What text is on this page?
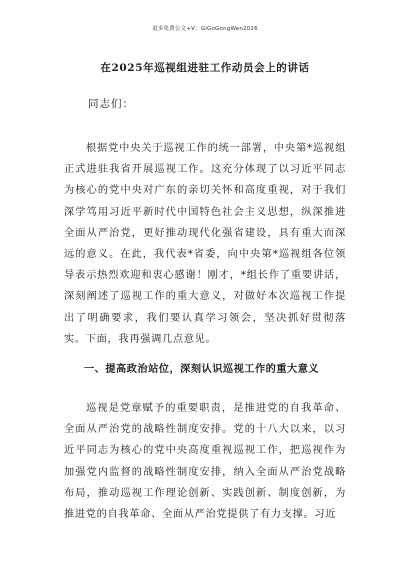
更多免费公文+V：GiGoGongWen2026
在2025年巡视组进驻工作动员会上的讲话
同志们：

根据党中央关于巡视工作的统一部署，中央第*巡视组正式进驻我省开展巡视工作。这充分体现了以习近平同志为核心的党中央对广东的亲切关怀和高度重视，对于我们深学笃用习近平新时代中国特色社会主义思想，纵深推进全面从严治党，更好推动现代化强省建设，具有重大而深远的意义。在此，我代表*省委，向中央第*巡视组各位领导表示热烈欢迎和衷心感谢！刚才，*组长作了重要讲话，深刻阐述了巡视工作的重大意义，对做好本次巡视工作提出了明确要求，我们要认真学习领会，坚决抓好贯彻落实。下面，我再强调几点意见。

一、提高政治站位，深刻认识巡视工作的重大意义

巡视是党章赋予的重要职责，是推进党的自我革命、全面从严治党的战略性制度安排。党的十八大以来，以习近平同志为核心的党中央高度重视巡视工作，把巡视作为加强党内监督的战略性制度安排，纳入全面从严治党战略布局，推动巡视工作理论创新、实践创新、制度创新，为推进党的自我革命、全面从严治党提供了有力支撑。习近
